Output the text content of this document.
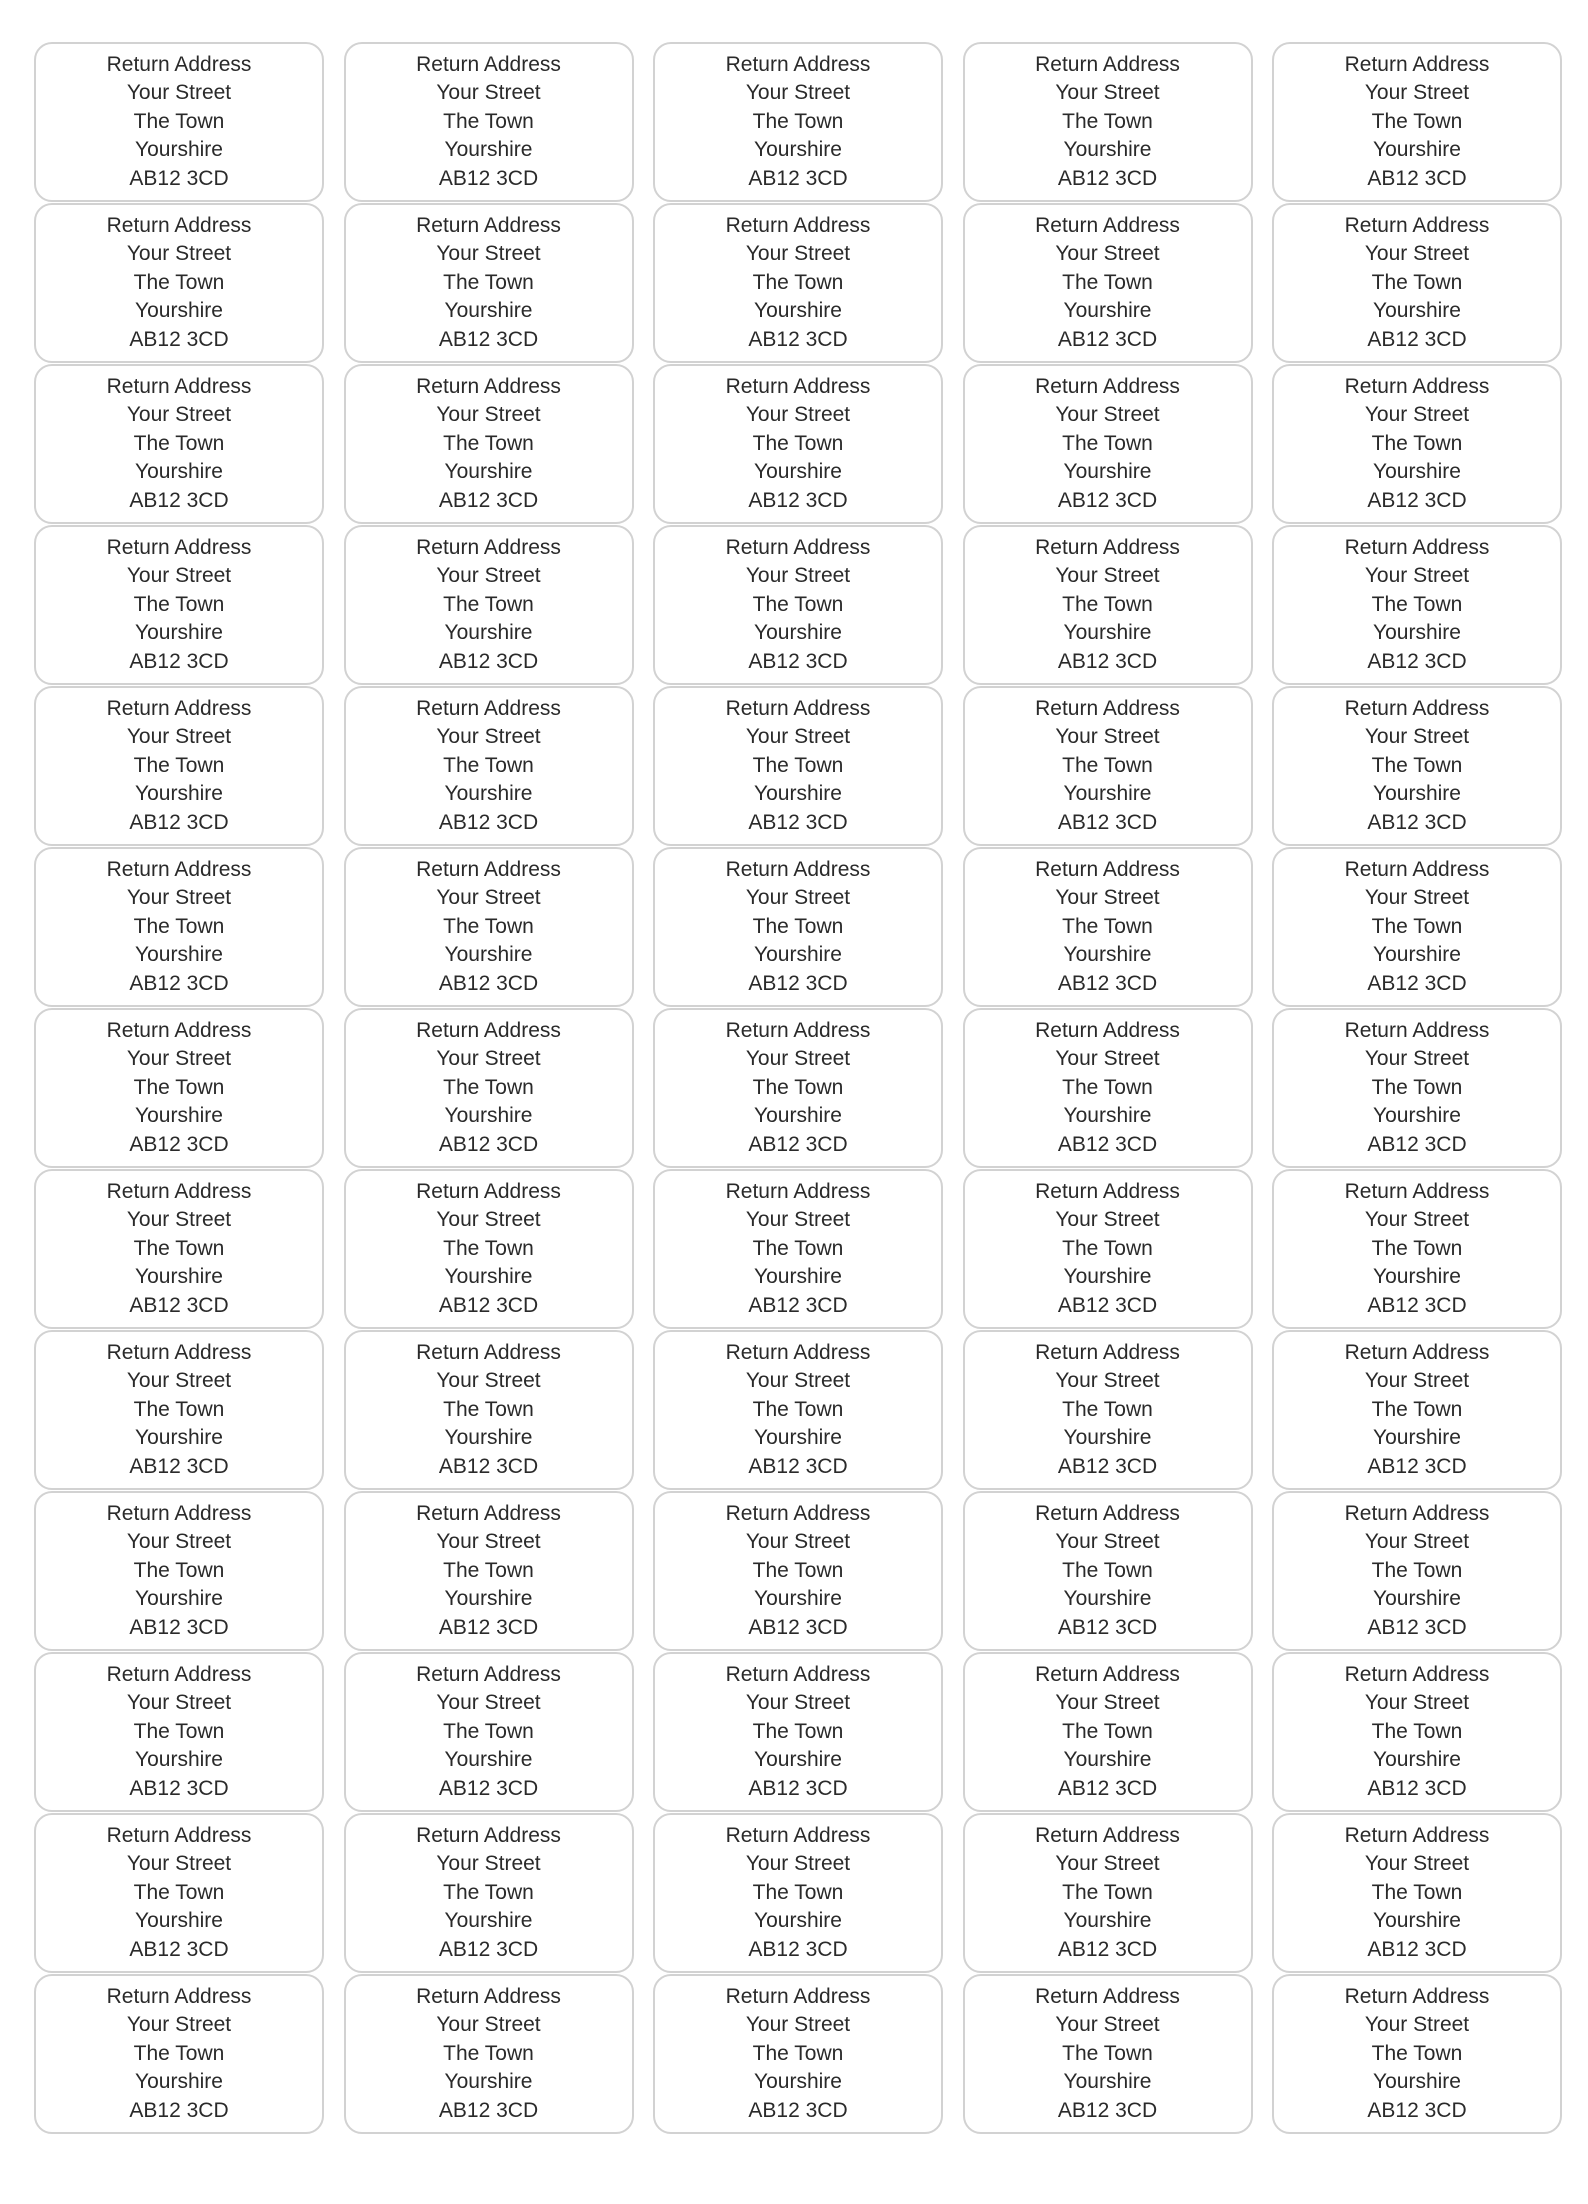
Return Address
Your Street
The Town
Yourshire
AB12 3CD
Return Address
Your Street
The Town
Yourshire
AB12 3CD
Return Address
Your Street
The Town
Yourshire
AB12 3CD
Return Address
Your Street
The Town
Yourshire
AB12 3CD
Return Address
Your Street
The Town
Yourshire
AB12 3CD
Return Address
Your Street
The Town
Yourshire
AB12 3CD
Return Address
Your Street
The Town
Yourshire
AB12 3CD
Return Address
Your Street
The Town
Yourshire
AB12 3CD
Return Address
Your Street
The Town
Yourshire
AB12 3CD
Return Address
Your Street
The Town
Yourshire
AB12 3CD
Return Address
Your Street
The Town
Yourshire
AB12 3CD
Return Address
Your Street
The Town
Yourshire
AB12 3CD
Return Address
Your Street
The Town
Yourshire
AB12 3CD
Return Address
Your Street
The Town
Yourshire
AB12 3CD
Return Address
Your Street
The Town
Yourshire
AB12 3CD
Return Address
Your Street
The Town
Yourshire
AB12 3CD
Return Address
Your Street
The Town
Yourshire
AB12 3CD
Return Address
Your Street
The Town
Yourshire
AB12 3CD
Return Address
Your Street
The Town
Yourshire
AB12 3CD
Return Address
Your Street
The Town
Yourshire
AB12 3CD
Return Address
Your Street
The Town
Yourshire
AB12 3CD
Return Address
Your Street
The Town
Yourshire
AB12 3CD
Return Address
Your Street
The Town
Yourshire
AB12 3CD
Return Address
Your Street
The Town
Yourshire
AB12 3CD
Return Address
Your Street
The Town
Yourshire
AB12 3CD
Return Address
Your Street
The Town
Yourshire
AB12 3CD
Return Address
Your Street
The Town
Yourshire
AB12 3CD
Return Address
Your Street
The Town
Yourshire
AB12 3CD
Return Address
Your Street
The Town
Yourshire
AB12 3CD
Return Address
Your Street
The Town
Yourshire
AB12 3CD
Return Address
Your Street
The Town
Yourshire
AB12 3CD
Return Address
Your Street
The Town
Yourshire
AB12 3CD
Return Address
Your Street
The Town
Yourshire
AB12 3CD
Return Address
Your Street
The Town
Yourshire
AB12 3CD
Return Address
Your Street
The Town
Yourshire
AB12 3CD
Return Address
Your Street
The Town
Yourshire
AB12 3CD
Return Address
Your Street
The Town
Yourshire
AB12 3CD
Return Address
Your Street
The Town
Yourshire
AB12 3CD
Return Address
Your Street
The Town
Yourshire
AB12 3CD
Return Address
Your Street
The Town
Yourshire
AB12 3CD
Return Address
Your Street
The Town
Yourshire
AB12 3CD
Return Address
Your Street
The Town
Yourshire
AB12 3CD
Return Address
Your Street
The Town
Yourshire
AB12 3CD
Return Address
Your Street
The Town
Yourshire
AB12 3CD
Return Address
Your Street
The Town
Yourshire
AB12 3CD
Return Address
Your Street
The Town
Yourshire
AB12 3CD
Return Address
Your Street
The Town
Yourshire
AB12 3CD
Return Address
Your Street
The Town
Yourshire
AB12 3CD
Return Address
Your Street
The Town
Yourshire
AB12 3CD
Return Address
Your Street
The Town
Yourshire
AB12 3CD
Return Address
Your Street
The Town
Yourshire
AB12 3CD
Return Address
Your Street
The Town
Yourshire
AB12 3CD
Return Address
Your Street
The Town
Yourshire
AB12 3CD
Return Address
Your Street
The Town
Yourshire
AB12 3CD
Return Address
Your Street
The Town
Yourshire
AB12 3CD
Return Address
Your Street
The Town
Yourshire
AB12 3CD
Return Address
Your Street
The Town
Yourshire
AB12 3CD
Return Address
Your Street
The Town
Yourshire
AB12 3CD
Return Address
Your Street
The Town
Yourshire
AB12 3CD
Return Address
Your Street
The Town
Yourshire
AB12 3CD
Return Address
Your Street
The Town
Yourshire
AB12 3CD
Return Address
Your Street
The Town
Yourshire
AB12 3CD
Return Address
Your Street
The Town
Yourshire
AB12 3CD
Return Address
Your Street
The Town
Yourshire
AB12 3CD
Return Address
Your Street
The Town
Yourshire
AB12 3CD
